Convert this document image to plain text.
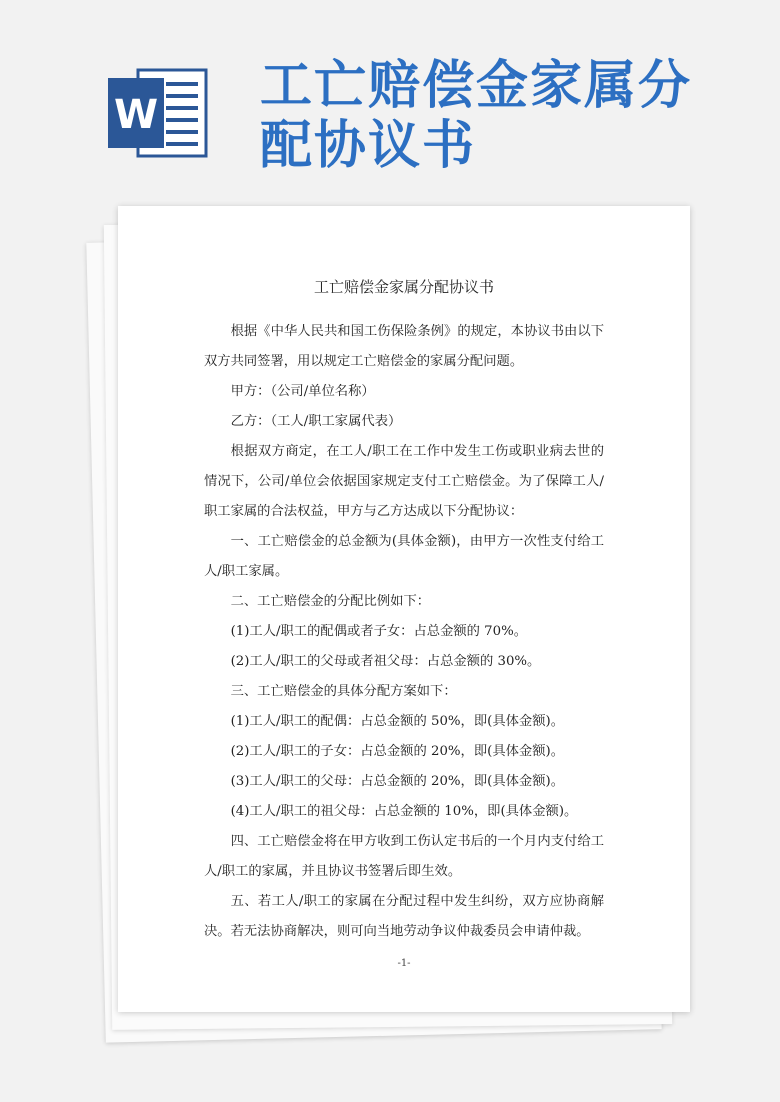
W 工亡赔偿金家属分配协议书
工亡赔偿金家属分配协议书

根据《中华人民共和国工伤保险条例》的规定，本协议书由以下双方共同签署，用以规定工亡赔偿金的家属分配问题。

甲方：（公司/单位名称）

乙方：（工人/职工家属代表）

根据双方商定，在工人/职工在工作中发生工伤或职业病去世的情况下，公司/单位会依据国家规定支付工亡赔偿金。为了保障工人/职工家属的合法权益，甲方与乙方达成以下分配协议：

一、工亡赔偿金的总金额为(具体金额)，由甲方一次性支付给工人/职工家属。

二、工亡赔偿金的分配比例如下：

(1)工人/职工的配偶或者子女：占总金额的 70%。

(2)工人/职工的父母或者祖父母：占总金额的 30%。

三、工亡赔偿金的具体分配方案如下：

(1)工人/职工的配偶：占总金额的 50%，即(具体金额)。

(2)工人/职工的子女：占总金额的 20%，即(具体金额)。

(3)工人/职工的父母：占总金额的 20%，即(具体金额)。

(4)工人/职工的祖父母：占总金额的 10%，即(具体金额)。

四、工亡赔偿金将在甲方收到工伤认定书后的一个月内支付给工人/职工的家属，并且协议书签署后即生效。

五、若工人/职工的家属在分配过程中发生纠纷，双方应协商解决。若无法协商解决，则可向当地劳动争议仲裁委员会申请仲裁。

-1-
